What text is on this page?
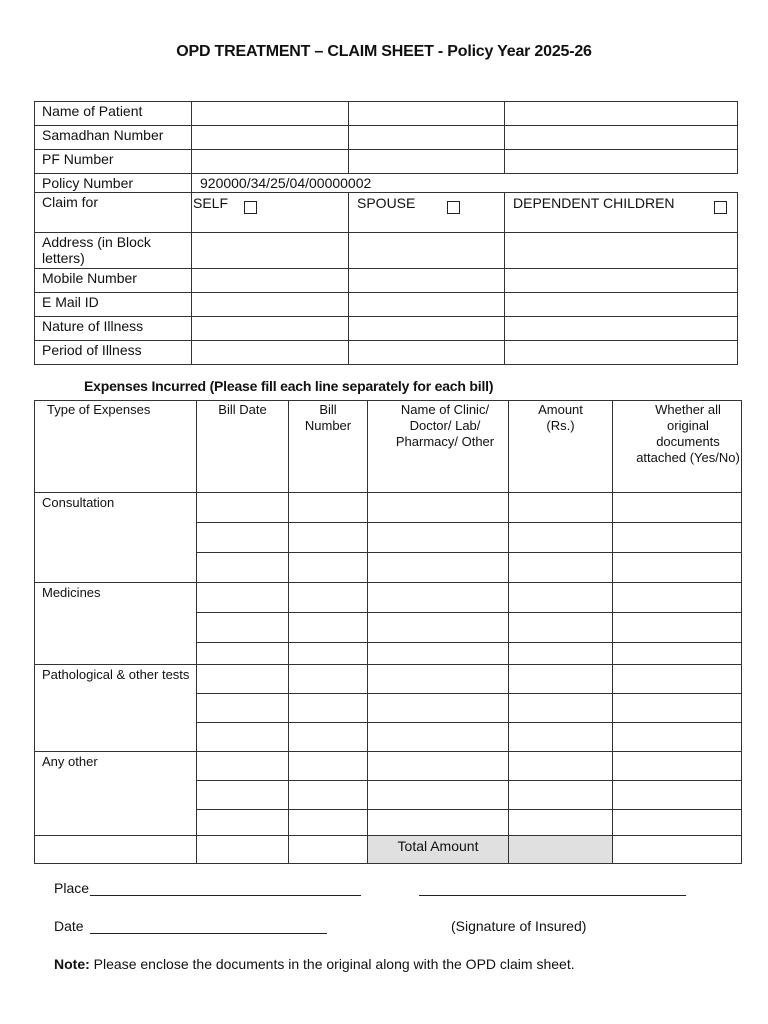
OPD TREATMENT – CLAIM SHEET - Policy Year 2025-26
Name of Patient			
Samadhan Number			
PF Number			
Policy Number	920000/34/25/04/00000002		
Claim for	SELF	SPOUSE	DEPENDENT CHILDREN

Address (in Block letters)			
Mobile Number			
E Mail ID			
Nature of Illness			
Period of Illness			
Expenses Incurred (Please fill each line separately for each bill)
Type of Expenses	Bill Date	Bill Number	Name of Clinic/ Doctor/ Lab/ Pharmacy/ Other	Amount (Rs.)	Whether all original documents attached (Yes/No)
Consultation					

Medicines					

Pathological & other tests					

Any other					

			Total Amount		
Place
Date	(Signature of Insured)
Note: Please enclose the documents in the original along with the OPD claim sheet.
